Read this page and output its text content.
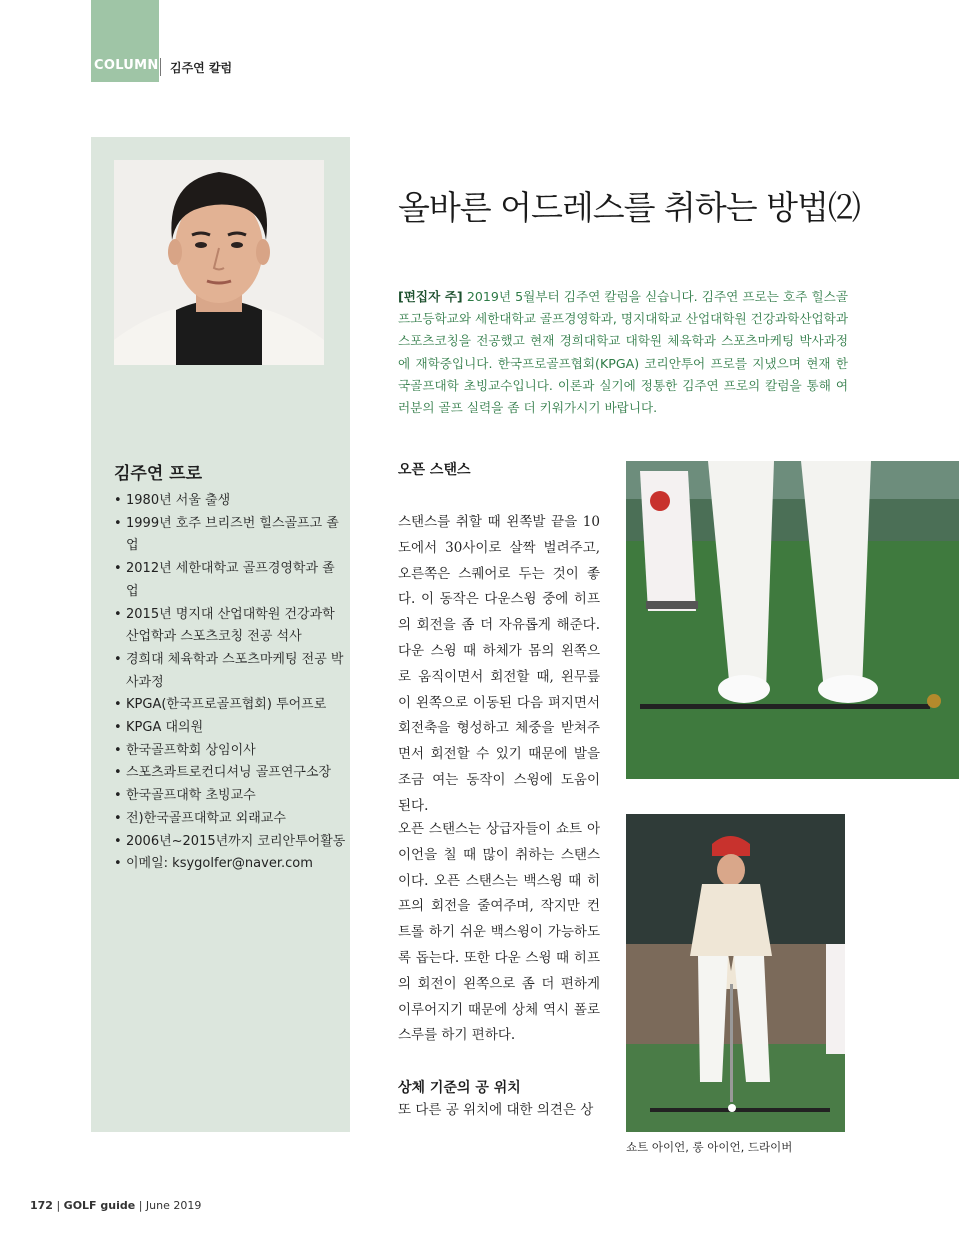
COLUMN 김주연 칼럼
김주연 프로
• 1980년 서울 출생
• 1999년 호주 브리즈번 힐스골프고 졸업
• 2012년 세한대학교 골프경영학과 졸업
• 2015년 명지대 산업대학원 건강과학산업학과 스포츠코칭 전공 석사
• 경희대 체육학과 스포츠마케팅 전공 박사과정
• KPGA(한국프로골프협회) 투어프로
• KPGA 대의원
• 한국골프학회 상임이사
• 스포츠콰트로컨디셔닝 골프연구소장
• 한국골프대학 초빙교수
• 전)한국골프대학교 외래교수
• 2006년~2015년까지 코리안투어활동
• 이메일: ksygolfer@naver.com
올바른 어드레스를 취하는 방법⑵

[편집자 주] 2019년 5월부터 김주연 칼럼을 싣습니다. 김주연 프로는 호주 힐스골프고등학교와 세한대학교 골프경영학과, 명지대학교 산업대학원 건강과학산업학과 스포츠코칭을 전공했고 현재 경희대학교 대학원 체육학과 스포츠마케팅 박사과정에 재학중입니다. 한국프로골프협회(KPGA) 코리안투어 프로를 지냈으며 현재 한국골프대학 초빙교수입니다. 이론과 실기에 정통한 김주연 프로의 칼럼을 통해 여러분의 골프 실력을 좀 더 키워가시기 바랍니다.

오픈 스탠스

스탠스를 취할 때 왼쪽발 끝을 10도에서 30사이로 살짝 벌려주고, 오른쪽은 스퀘어로 두는 것이 좋다. 이 동작은 다운스윙 중에 히프의 회전을 좀 더 자유롭게 해준다. 다운 스윙 때 하체가 몸의 왼쪽으로 움직이면서 회전할 때, 왼무릎이 왼쪽으로 이동된 다음 펴지면서 회전축을 형성하고 체중을 받쳐주면서 회전할 수 있기 때문에 발을 조금 여는 동작이 스윙에 도움이 된다.

오픈 스탠스는 상급자들이 쇼트 아이언을 칠 때 많이 취하는 스탠스이다. 오픈 스탠스는 백스윙 때 히프의 회전을 줄여주며, 작지만 컨트롤 하기 쉬운 백스윙이 가능하도록 돕는다. 또한 다운 스윙 때 히프의 회전이 왼쪽으로 좀 더 편하게 이루어지기 때문에 상체 역시 폴로스루를 하기 편하다.

상체 기준의 공 위치

또 다른 공 위치에 대한 의견은 상

쇼트 아이언, 롱 아이언, 드라이버
172 | GOLF guide | June 2019
